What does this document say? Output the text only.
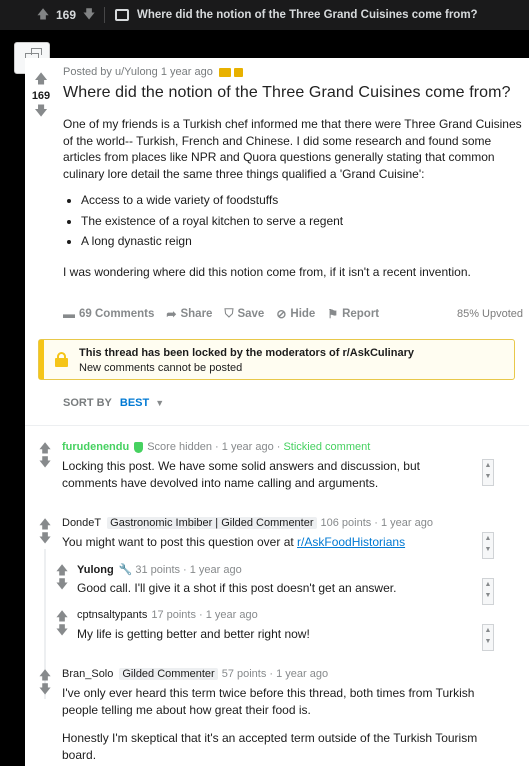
🡅 169 🡇	Where did the notion of the Three Grand Cuisines come from?
🡅
169
🡇
Posted by u/Yulong 1 year ago
Where did the notion of the Three Grand Cuisines come from?

One of my friends is a Turkish chef informed me that there were Three Grand Cuisines of the world-- Turkish, French and Chinese. I did some research and found some articles from places like NPR and Quora questions generally stating that common culinary lore detail the same three things qualified a 'Grand Cuisine':

• Access to a wide variety of foodstuffs
• The existence of a royal kitchen to serve a regent
• A long dynastic reign

I was wondering where did this notion come from, if it isn't a recent invention.

▬ 69 Comments ➦ Share ⛉ Save ⊘ Hide ⚑ Report	85% Upvoted
This thread has been locked by the moderators of r/AskCulinary
New comments cannot be posted
SORT BY BEST ▼
🡅
🡇
furudenendu Score hidden · 1 year ago · Stickied comment
Locking this post. We have some solid answers and discussion, but comments have devolved into name calling and arguments.
▲
▼
🡅
🡇
DondeT Gastronomic Imbiber | Gilded Commenter 106 points · 1 year ago
You might want to post this question over at r/AskFoodHistorians	▲
▼
🡅
🡇
Yulong 🔧 31 points · 1 year ago
Good call. I'll give it a shot if this post doesn't get an answer.	▲
▼
🡅
🡇
cptnsaltypants 17 points · 1 year ago
My life is getting better and better right now!	▲
▼
🡅
🡇
Bran_Solo Gilded Commenter 57 points · 1 year ago

I've only ever heard this term twice before this thread, both times from Turkish people telling me about how great their food is.

Honestly I'm skeptical that it's an accepted term outside of the Turkish Tourism board.
